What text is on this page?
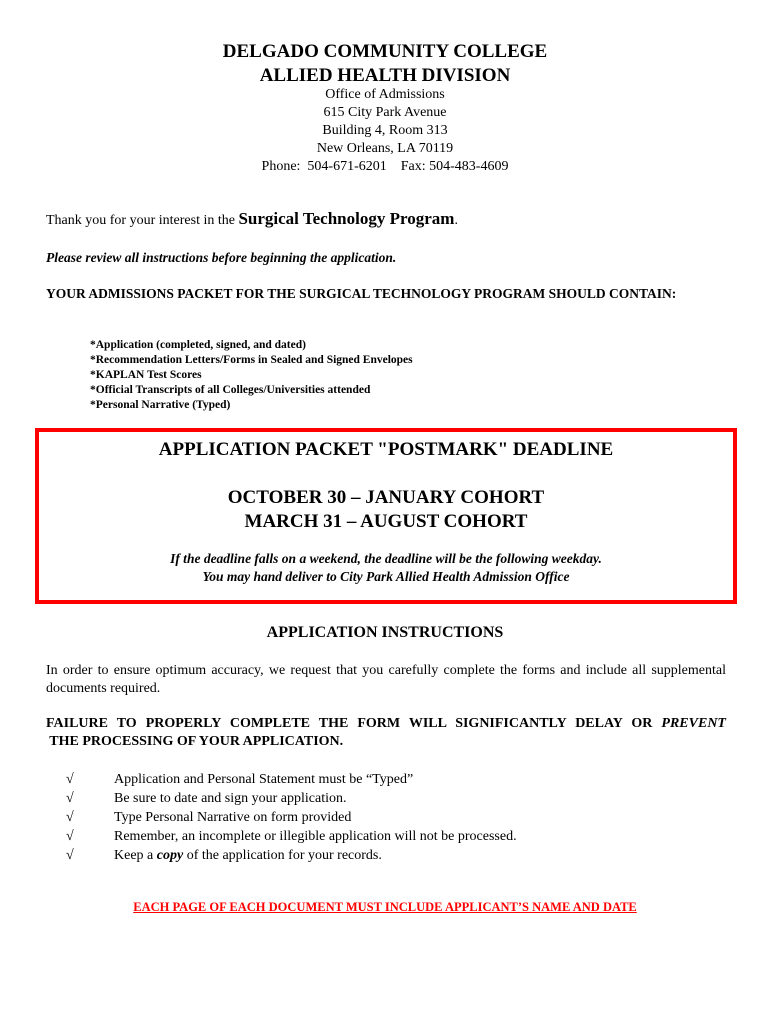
DELGADO COMMUNITY COLLEGE
ALLIED HEALTH DIVISION
Office of Admissions
615 City Park Avenue
Building 4, Room 313
New Orleans, LA 70119
Phone:  504-671-6201    Fax: 504-483-4609
Thank you for your interest in the Surgical Technology Program.
Please review all instructions before beginning the application.
YOUR ADMISSIONS PACKET FOR THE SURGICAL TECHNOLOGY PROGRAM SHOULD CONTAIN:
*Application (completed, signed, and dated)
*Recommendation Letters/Forms in Sealed and Signed Envelopes
*KAPLAN Test Scores
*Official Transcripts of all Colleges/Universities attended
*Personal Narrative (Typed)
APPLICATION PACKET "POSTMARK" DEADLINE
OCTOBER 30 – JANUARY COHORT
MARCH 31 – AUGUST COHORT
If the deadline falls on a weekend, the deadline will be the following weekday.
You may hand deliver to City Park Allied Health Admission Office
APPLICATION INSTRUCTIONS
In order to ensure optimum accuracy, we request that you carefully complete the forms and include all supplemental documents required.
FAILURE TO PROPERLY COMPLETE THE FORM WILL SIGNIFICANTLY DELAY OR PREVENT THE PROCESSING OF YOUR APPLICATION.
√	Application and Personal Statement must be “Typed”
√	Be sure to date and sign your application.
√	Type Personal Narrative on form provided
√	Remember, an incomplete or illegible application will not be processed.
√	Keep a copy of the application for your records.
EACH PAGE OF EACH DOCUMENT MUST INCLUDE APPLICANT’S NAME AND DATE
